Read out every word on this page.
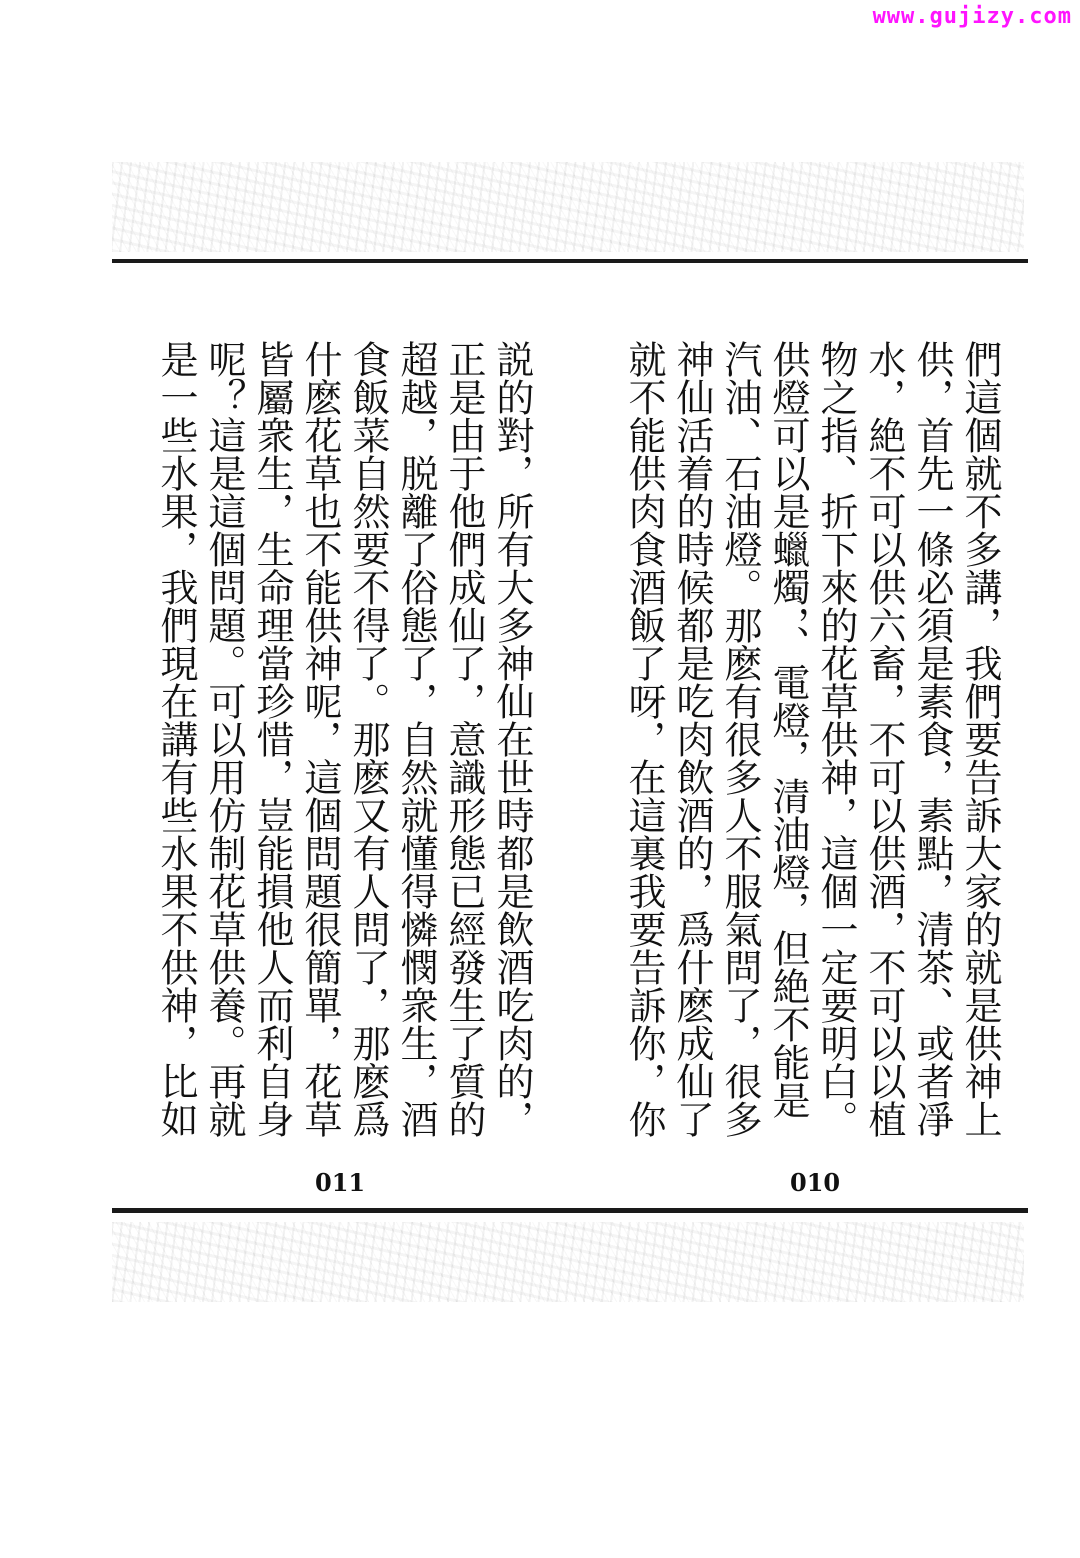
www.gujizy.com
們這個就不多講，我們要告訴大家的就是供神上
供，首先一條必須是素食，素點，清茶、或者凈
水，絶不可以供六畜，不可以供酒，不可以以植
物之指、折下來的花草供神，這個一定要明白。
供燈可以是蠟燭，、電燈，清油燈，但絶不能是
汽油、石油燈。那麽有很多人不服氣問了，很多
神仙活着的時候都是吃肉飲酒的，爲什麽成仙了
就不能供肉食酒飯了呀，在這裏我要告訴你，你
説的對，所有大多神仙在世時都是飲酒吃肉的，
正是由于他們成仙了，意識形態已經發生了質的
超越，脱離了俗態了，自然就懂得憐憫衆生，酒
食飯菜自然要不得了。那麽又有人問了，那麽爲
什麽花草也不能供神呢，這個問題很簡單，花草
皆屬衆生，生命理當珍惜，豈能損他人而利自身
呢？這是這個問題。可以用仿制花草供養。再就
是一些水果，我們現在講有些水果不供神，比如
011	010
